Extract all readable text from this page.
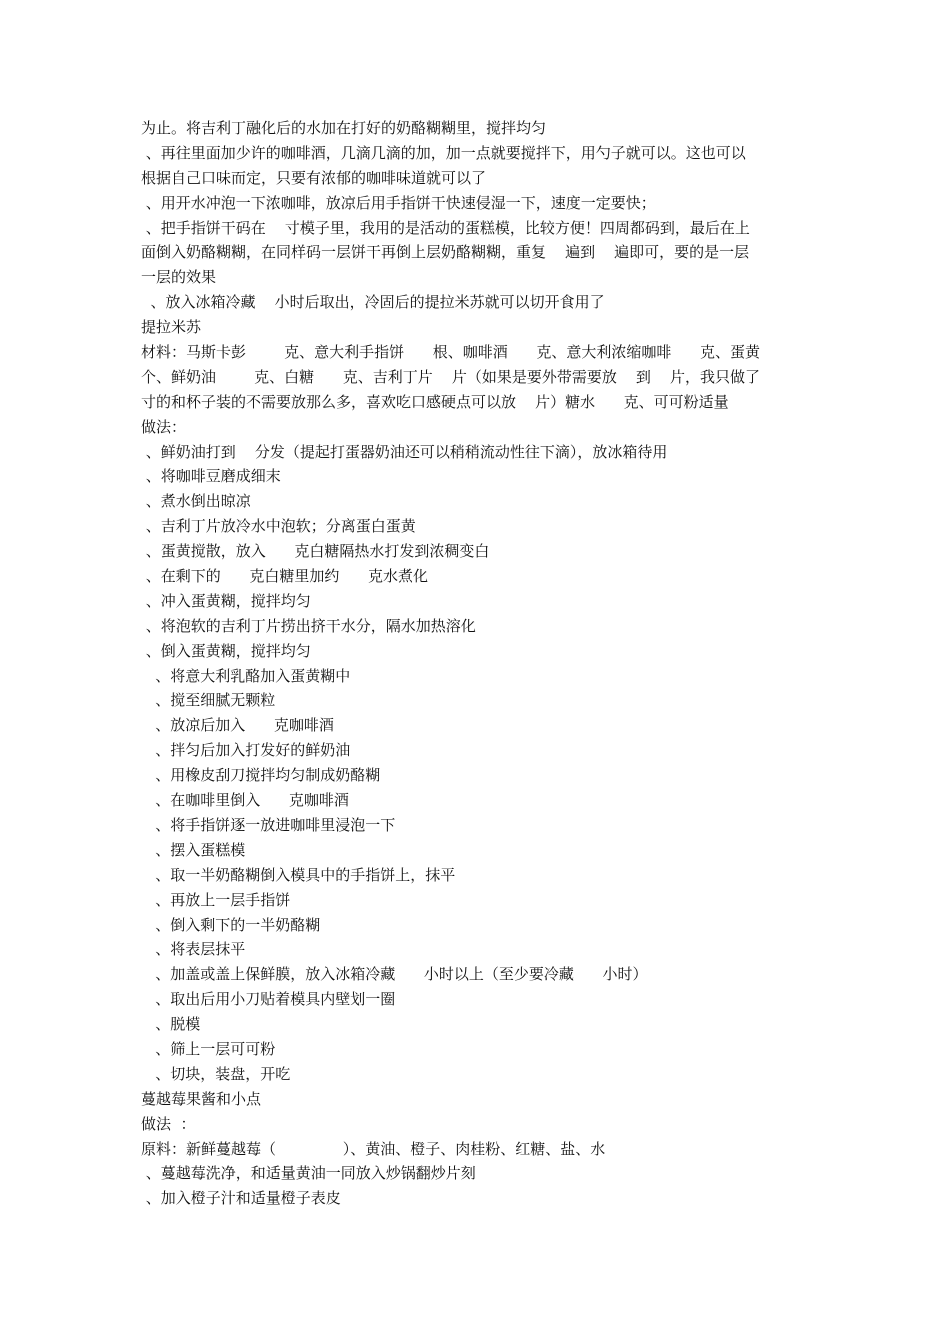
为止。将吉利丁融化后的水加在打好的奶酪糊糊里，搅拌均匀
、再往里面加少许的咖啡酒，几滴几滴的加，加一点就要搅拌下，用勺子就可以。这也可以
根据自己口味而定，只要有浓郁的咖啡味道就可以了
、用开水冲泡一下浓咖啡，放凉后用手指饼干快速侵湿一下，速度一定要快；
、把手指饼干码在    寸模子里，我用的是活动的蛋糕模，比较方便！四周都码到，最后在上
面倒入奶酪糊糊，在同样码一层饼干再倒上层奶酪糊糊，重复    遍到    遍即可，要的是一层
一层的效果
、放入冰箱冷藏    小时后取出，冷固后的提拉米苏就可以切开食用了
提拉米苏
材料：马斯卡彭        克、意大利手指饼      根、咖啡酒      克、意大利浓缩咖啡      克、蛋黄
个、鲜奶油        克、白糖      克、吉利丁片    片（如果是要外带需要放    到    片，我只做了
寸的和杯子装的不需要放那么多，喜欢吃口感硬点可以放    片）糖水      克、可可粉适量
做法：
、鲜奶油打到    分发（提起打蛋器奶油还可以稍稍流动性往下滴），放冰箱待用
、将咖啡豆磨成细末
、煮水倒出晾凉
、吉利丁片放冷水中泡软；分离蛋白蛋黄
、蛋黄搅散，放入      克白糖隔热水打发到浓稠变白
、在剩下的      克白糖里加约      克水煮化
、冲入蛋黄糊，搅拌均匀
、将泡软的吉利丁片捞出挤干水分，隔水加热溶化
、倒入蛋黄糊，搅拌均匀
、将意大利乳酪加入蛋黄糊中
、搅至细腻无颗粒
、放凉后加入      克咖啡酒
、拌匀后加入打发好的鲜奶油
、用橡皮刮刀搅拌均匀制成奶酪糊
、在咖啡里倒入      克咖啡酒
、将手指饼逐一放进咖啡里浸泡一下
、摆入蛋糕模
、取一半奶酪糊倒入模具中的手指饼上，抹平
、再放上一层手指饼
、倒入剩下的一半奶酪糊
、将表层抹平
、加盖或盖上保鲜膜，放入冰箱冷藏      小时以上（至少要冷藏      小时）
、取出后用小刀贴着模具内壁划一圈
、脱模
、筛上一层可可粉
、切块，装盘，开吃
蔓越莓果酱和小点
做法  ：
原料：新鲜蔓越莓（              ）、黄油、橙子、肉桂粉、红糖、盐、水
、蔓越莓洗净，和适量黄油一同放入炒锅翻炒片刻
、加入橙子汁和适量橙子表皮
